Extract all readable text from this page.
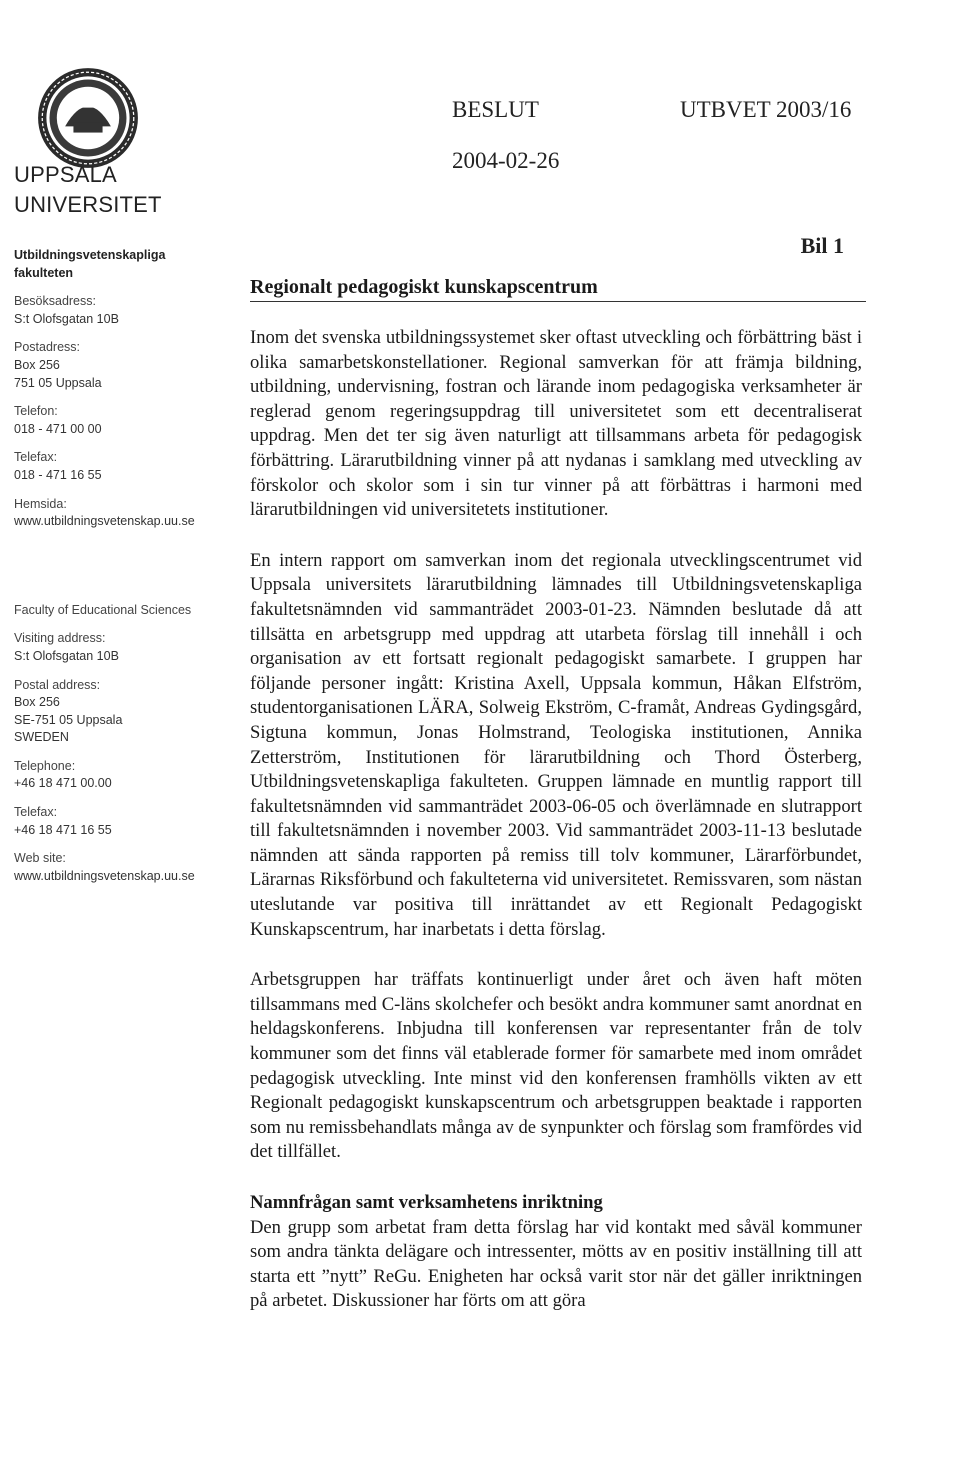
UPPSALA
UNIVERSITET
Utbildningsvetenskapliga fakulteten
Besöksadress:
S:t Olofsgatan 10B
Postadress:
Box 256
751 05 Uppsala
Telefon:
018 - 471 00 00
Telefax:
018 - 471 16 55
Hemsida:
www.utbildningsvetenskap.uu.se
Faculty of Educational Sciences
Visiting address:
S:t Olofsgatan 10B
Postal address:
Box 256
SE-751 05 Uppsala
SWEDEN
Telephone:
+46 18 471 00.00
Telefax:
+46 18 471 16 55
Web site:
www.utbildningsvetenskap.uu.se
BESLUT	UTBVET 2003/16
2004-02-26
Bil 1
Regionalt pedagogiskt kunskapscentrum

Inom det svenska utbildningssystemet sker oftast utveckling och förbättring bäst i olika samarbetskonstellationer. Regional samverkan för att främja bildning, utbildning, undervisning, fostran och lärande inom pedagogiska verksamheter är reglerad genom regeringsuppdrag till universitetet som ett decentraliserat uppdrag. Men det ter sig även naturligt att tillsammans arbeta för pedagogisk förbättring. Lärarutbildning vinner på att nydanas i samklang med utveckling av förskolor och skolor som i sin tur vinner på att förbättras i harmoni med lärarutbildningen vid universitetets institutioner.

En intern rapport om samverkan inom det regionala utvecklingscentrumet vid Uppsala universitets lärarutbildning lämnades till Utbildningsvetenskapliga fakultetsnämnden vid sammanträdet 2003-01-23. Nämnden beslutade då att tillsätta en arbetsgrupp med uppdrag att utarbeta förslag till innehåll i och organisation av ett fortsatt regionalt pedagogiskt samarbete. I gruppen har följande personer ingått: Kristina Axell, Uppsala kommun, Håkan Elfström, studentorganisationen LÄRA, Solweig Ekström, C-framåt, Andreas Gydingsgård, Sigtuna kommun, Jonas Holmstrand, Teologiska institutionen, Annika Zetterström, Institutionen för lärarutbildning och Thord Österberg, Utbildningsvetenskapliga fakulteten. Gruppen lämnade en muntlig rapport till fakultetsnämnden vid sammanträdet 2003-06-05 och överlämnade en slutrapport till fakultetsnämnden i november 2003. Vid sammanträdet 2003-11-13 beslutade nämnden att sända rapporten på remiss till tolv kommuner, Lärarförbundet, Lärarnas Riksförbund och fakulteterna vid universitetet. Remissvaren, som nästan uteslutande var positiva till inrättandet av ett Regionalt Pedagogiskt Kunskapscentrum, har inarbetats i detta förslag.

Arbetsgruppen har träffats kontinuerligt under året och även haft möten tillsammans med C-läns skolchefer och besökt andra kommuner samt anordnat en heldagskonferens. Inbjudna till konferensen var representanter från de tolv kommuner som det finns väl etablerade former för samarbete med inom området pedagogisk utveckling. Inte minst vid den konferensen framhölls vikten av ett Regionalt pedagogiskt kunskapscentrum och arbetsgruppen beaktade i rapporten som nu remissbehandlats många av de synpunkter och förslag som framfördes vid det tillfället.

Namnfrågan samt verksamhetens inriktning

Den grupp som arbetat fram detta förslag har vid kontakt med såväl kommuner som andra tänkta delägare och intressenter, mötts av en positiv inställning till att starta ett ”nytt” ReGu. Enigheten har också varit stor när det gäller inriktningen på arbetet. Diskussioner har förts om att göra
